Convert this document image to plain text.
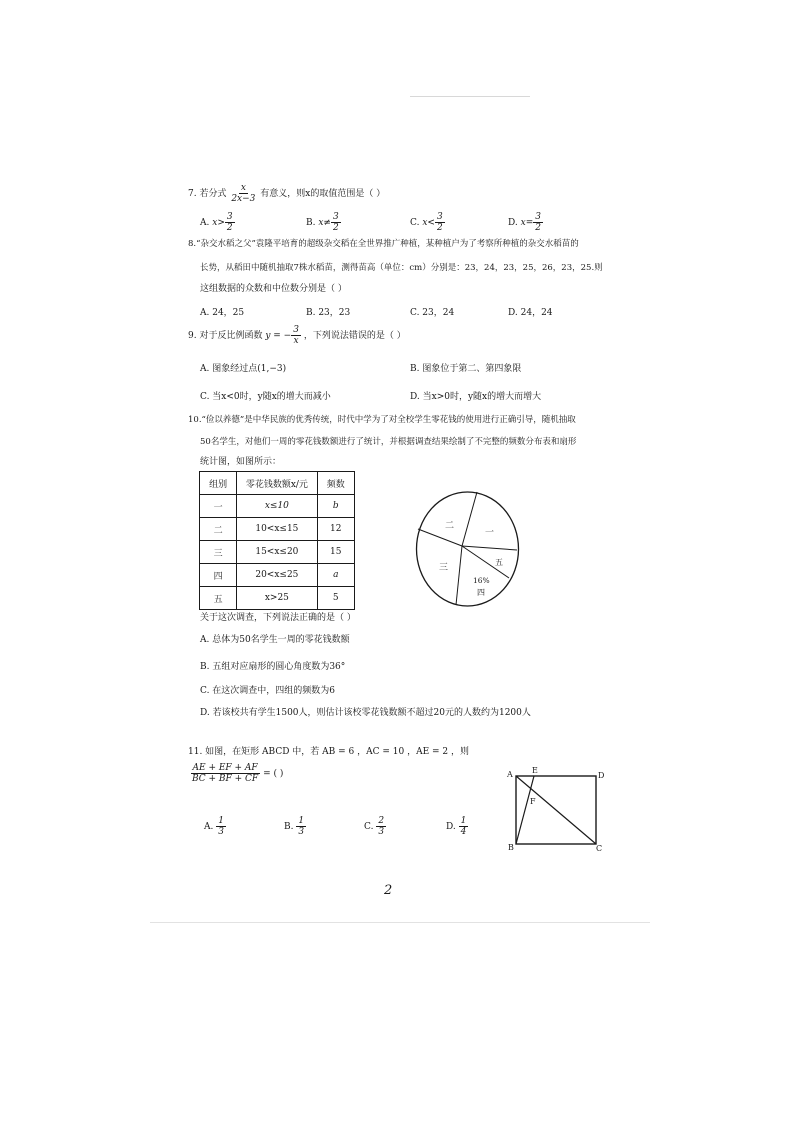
7. 若分式 $\frac{x}{2x-3}$ 有意义，则x的取值范围是（ ）
A. $x> \frac{3}{2}$	B. $x\ne \frac{3}{2}$	C. $x< \frac{3}{2}$	D. $x= \frac{3}{2}$
8.“杂交水稻之父”袁隆平培育的超级杂交稻在全世界推广种植，某种植户为了考察所种植的杂交水稻苗的
长势，从稻田中随机抽取7株水稻苗，测得苗高（单位：cm）分别是：23，24，23，25，26，23，25.则
这组数据的众数和中位数分别是（ ）
A. 24，25	B. 23，23	C. 23，24	D. 24，24
9. 对于反比例函数 y = − $\frac{3}{x}$ ，下列说法错误的是（ ）
A. 图象经过点(1,−3)	B. 图象位于第二、第四象限
C. 当x<0时，y随x的增大而减小	D. 当x>0时，y随x的增大而增大
10.“俭以养德”是中华民族的优秀传统，时代中学为了对全校学生零花钱的使用进行正确引导，随机抽取
50名学生，对他们一周的零花钱数额进行了统计，并根据调查结果绘制了不完整的频数分布表和扇形
统计图，如图所示：
组别	零花钱数额x/元	频数
一	x≤10	b
二	10<x≤15	12
三	15<x≤20	15
四	20<x≤25	a
五	x>25	5
二
一
五
三
16%
四
关于这次调查，下列说法正确的是（ ）
A. 总体为50名学生一周的零花钱数额
B. 五组对应扇形的圆心角度数为36°
C. 在这次调查中，四组的频数为6
D. 若该校共有学生1500人，则估计该校零花钱数额不超过20元的人数约为1200人
11. 如图，在矩形 ABCD 中，若 AB = 6 ，AC = 10 ，AE = 2 ，则
$\frac{AE + EF + AF}{BC + BF + CF}$ = ( )
A. $\frac{1}{3}$	B. $\frac{1}{3}$	C. $\frac{2}{3}$	D. $\frac{1}{4}$
A E
D
F
B	C
2
